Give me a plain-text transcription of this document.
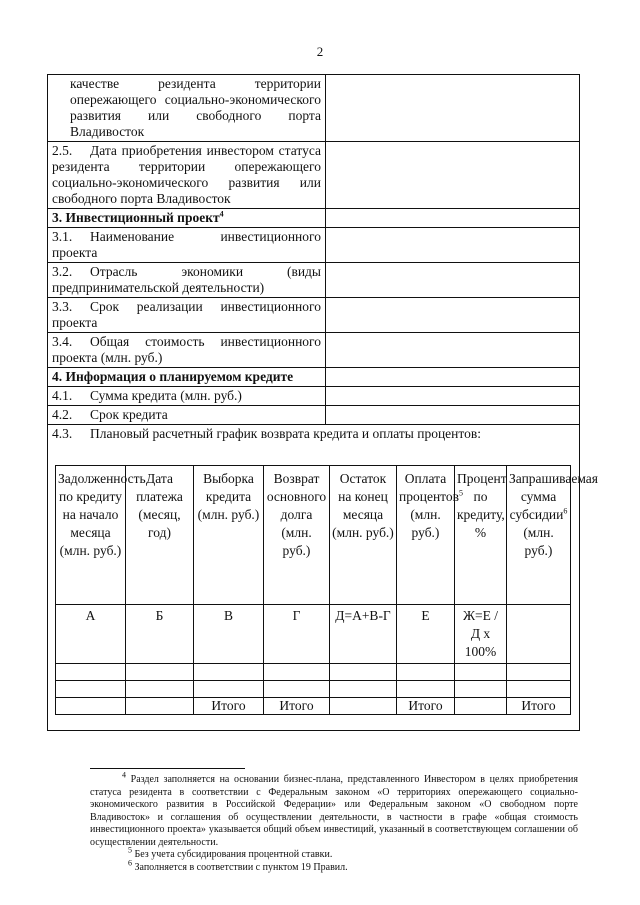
2
качестве резидента территории опережающего социально-экономического развития или свободного порта Владивосток

2.5. Дата приобретения инвестором статуса резидента территории опережающего социально-экономического развития или свободного порта Владивосток	
3. Инвестиционный проект$^4$	
3.1. Наименование инвестиционного проекта	
3.2. Отрасль экономики (виды предпринимательской деятельности)	
3.3. Срок реализации инвестиционного проекта	
3.4. Общая стоимость инвестиционного проекта (млн. руб.)	
4. Информация о планируемом кредите	
4.1. Сумма кредита (млн. руб.)	
4.2. Срок кредита	

4.3. Плановый расчетный график возврата кредита и оплаты процентов:
Задолженность по кредиту на начало месяца (млн. руб.)	Дата платежа (месяц, год)	Выборка кредита (млн. руб.)	Возврат основного долга (млн. руб.)	Остаток на конец месяца (млн. руб.)	Оплата процентов$^5$ (млн. руб.)	Процент по кредиту, %	Запрашиваемая сумма субсидии$^6$ (млн. руб.)
А	Б	В	Г	Д=А+В-Г	Е	Ж=Е / Д х 100%	

		Итого	Итого		Итого		Итого

$^4$ Раздел заполняется на основании бизнес-плана, представленного Инвестором в целях приобретения статуса резидента в соответствии с Федеральным законом «О территориях опережающего социально-экономического развития в Российской Федерации» или Федеральным законом «О свободном порте Владивосток» и соглашения об осуществлении деятельности, в частности в графе «общая стоимость инвестиционного проекта» указывается общий объем инвестиций, указанный в соответствующем соглашении об осуществлении деятельности.

$^5$ Без учета субсидирования процентной ставки.

$^6$ Заполняется в соответствии с пунктом 19 Правил.
